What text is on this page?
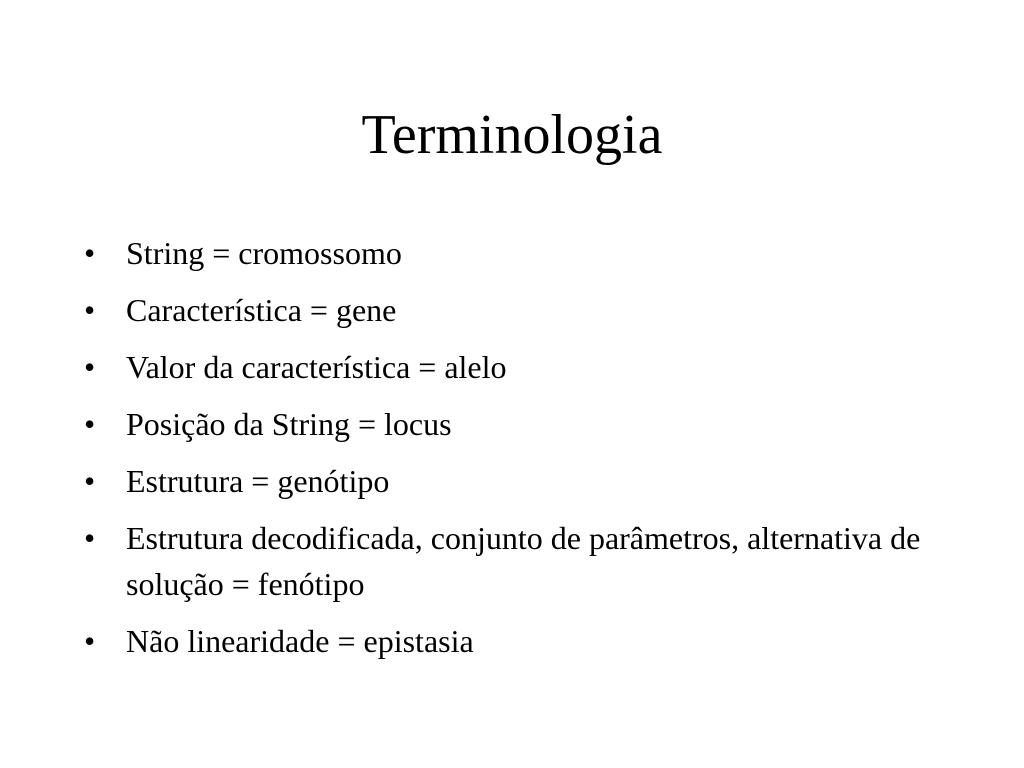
Terminologia
• String = cromossomo
• Característica = gene
• Valor da característica = alelo
• Posição da String = locus
• Estrutura = genótipo
• Estrutura decodificada, conjunto de parâmetros, alternativa de solução = fenótipo
• Não linearidade = epistasia
